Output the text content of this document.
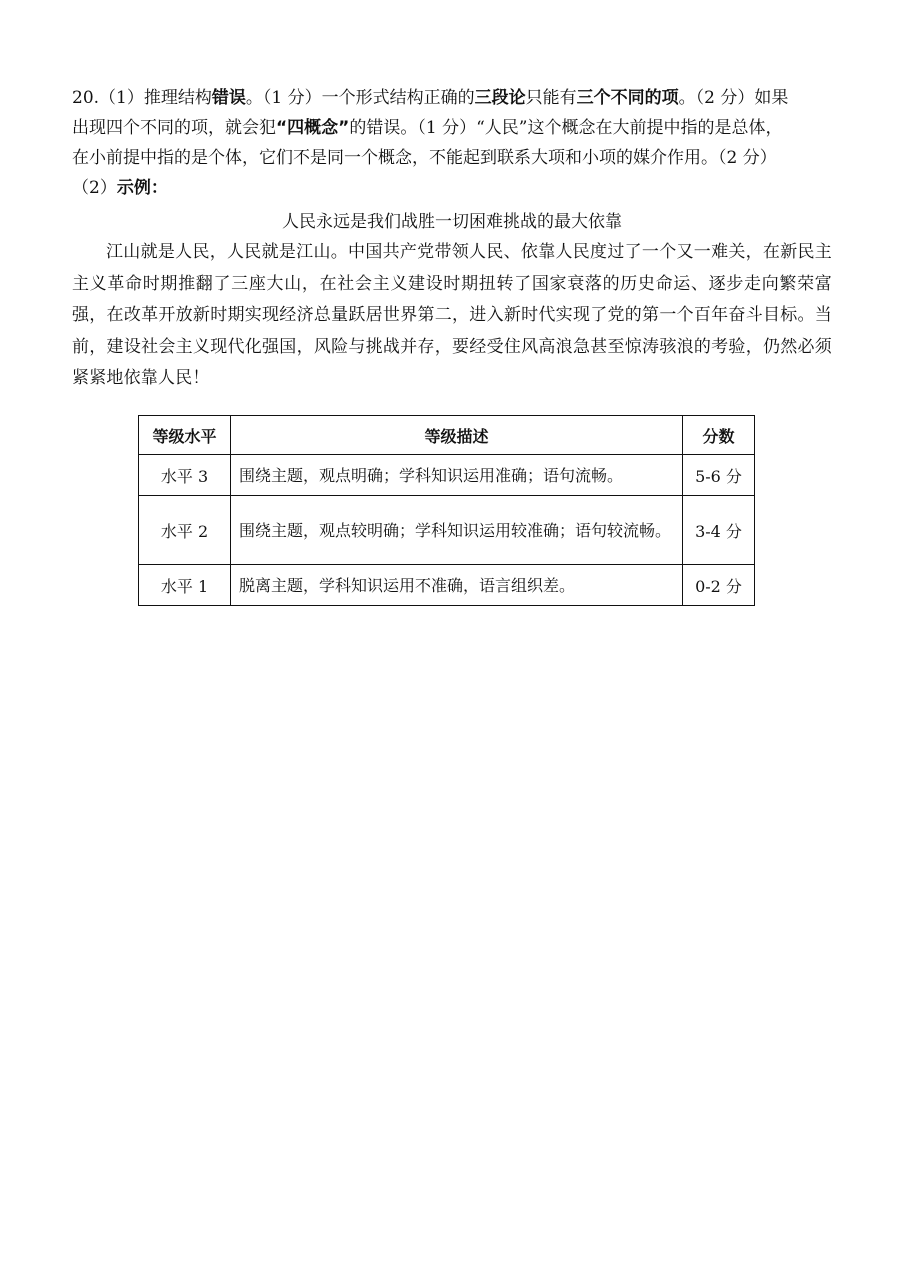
20.（1）推理结构错误。（1 分）一个形式结构正确的三段论只能有三个不同的项。（2 分）如果

出现四个不同的项，就会犯“四概念”的错误。（1 分）“人民”这个概念在大前提中指的是总体，

在小前提中指的是个体，它们不是同一个概念，不能起到联系大项和小项的媒介作用。（2 分）

（2）示例：

人民永远是我们战胜一切困难挑战的最大依靠

江山就是人民，人民就是江山。中国共产党带领人民、依靠人民度过了一个又一难关，在新民主主义革命时期推翻了三座大山，在社会主义建设时期扭转了国家衰落的历史命运、逐步走向繁荣富强，在改革开放新时期实现经济总量跃居世界第二，进入新时代实现了党的第一个百年奋斗目标。当前，建设社会主义现代化强国，风险与挑战并存，要经受住风高浪急甚至惊涛骇浪的考验，仍然必须紧紧地依靠人民！

等级水平	等级描述	分数
水平 3	围绕主题，观点明确；学科知识运用准确；语句流畅。	5-6 分
水平 2	围绕主题，观点较明确；学科知识运用较准确；语句较流畅。	3-4 分
水平 1	脱离主题，学科知识运用不准确，语言组织差。	0-2 分
